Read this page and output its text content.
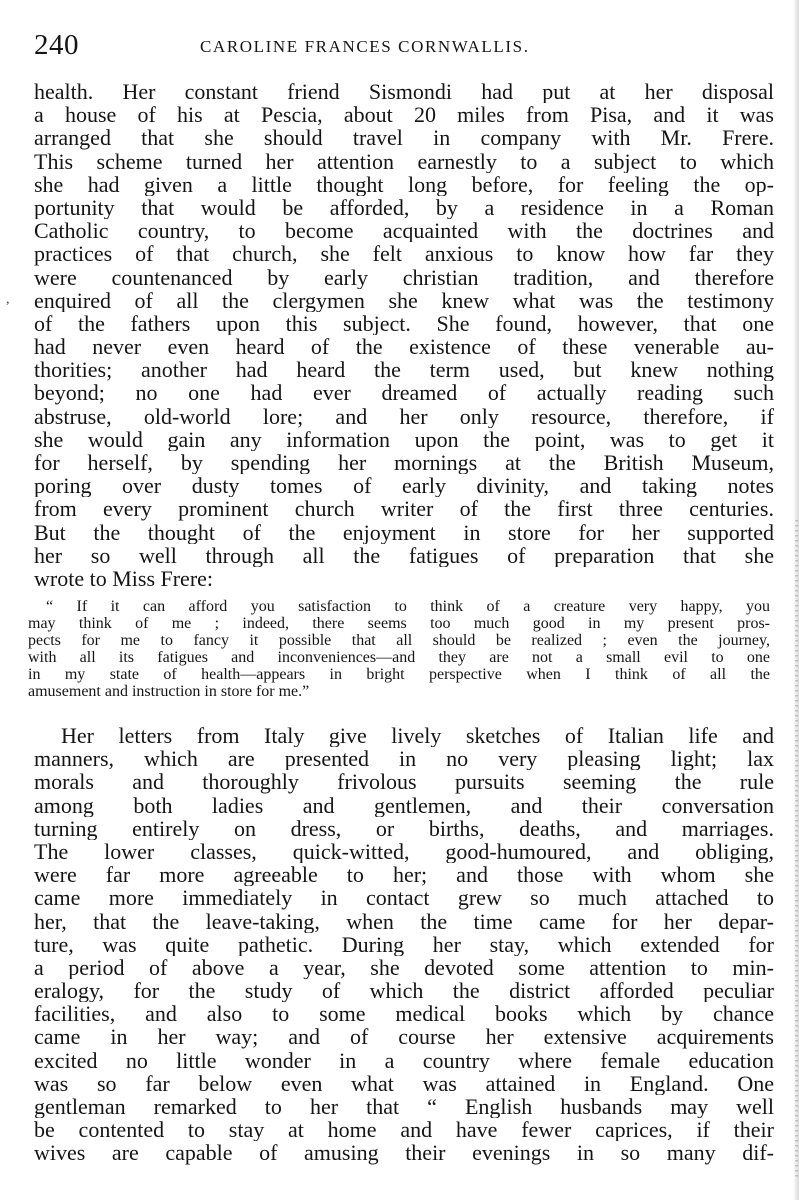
240	CAROLINE FRANCES CORNWALLIS.
,
health. Her constant friend Sismondi had put at her disposal
a house of his at Pescia, about 20 miles from Pisa, and it was
arranged that she should travel in company with Mr. Frere.
This scheme turned her attention earnestly to a subject to which
she had given a little thought long before, for feeling the op-
portunity that would be afforded, by a residence in a Roman
Catholic country, to become acquainted with the doctrines and
practices of that church, she felt anxious to know how far they
were countenanced by early christian tradition, and therefore
enquired of all the clergymen she knew what was the testimony
of the fathers upon this subject. She found, however, that one
had never even heard of the existence of these venerable au-
thorities; another had heard the term used, but knew nothing
beyond; no one had ever dreamed of actually reading such
abstruse, old-world lore; and her only resource, therefore, if
she would gain any information upon the point, was to get it
for herself, by spending her mornings at the British Museum,
poring over dusty tomes of early divinity, and taking notes
from every prominent church writer of the first three centuries.
But the thought of the enjoyment in store for her supported
her so well through all the fatigues of preparation that she
wrote to Miss Frere:
“ If it can afford you satisfaction to think of a creature very happy, you
may think of me ; indeed, there seems too much good in my present pros-
pects for me to fancy it possible that all should be realized ; even the journey,
with all its fatigues and inconveniences—and they are not a small evil to one
in my state of health—appears in bright perspective when I think of all the
amusement and instruction in store for me.”
Her letters from Italy give lively sketches of Italian life and
manners, which are presented in no very pleasing light; lax
morals and thoroughly frivolous pursuits seeming the rule
among both ladies and gentlemen, and their conversation
turning entirely on dress, or births, deaths, and marriages.
The lower classes, quick-witted, good-humoured, and obliging,
were far more agreeable to her; and those with whom she
came more immediately in contact grew so much attached to
her, that the leave-taking, when the time came for her depar-
ture, was quite pathetic. During her stay, which extended for
a period of above a year, she devoted some attention to min-
eralogy, for the study of which the district afforded peculiar
facilities, and also to some medical books which by chance
came in her way; and of course her extensive acquirements
excited no little wonder in a country where female education
was so far below even what was attained in England. One
gentleman remarked to her that “ English husbands may well
be contented to stay at home and have fewer caprices, if their
wives are capable of amusing their evenings in so many dif-
